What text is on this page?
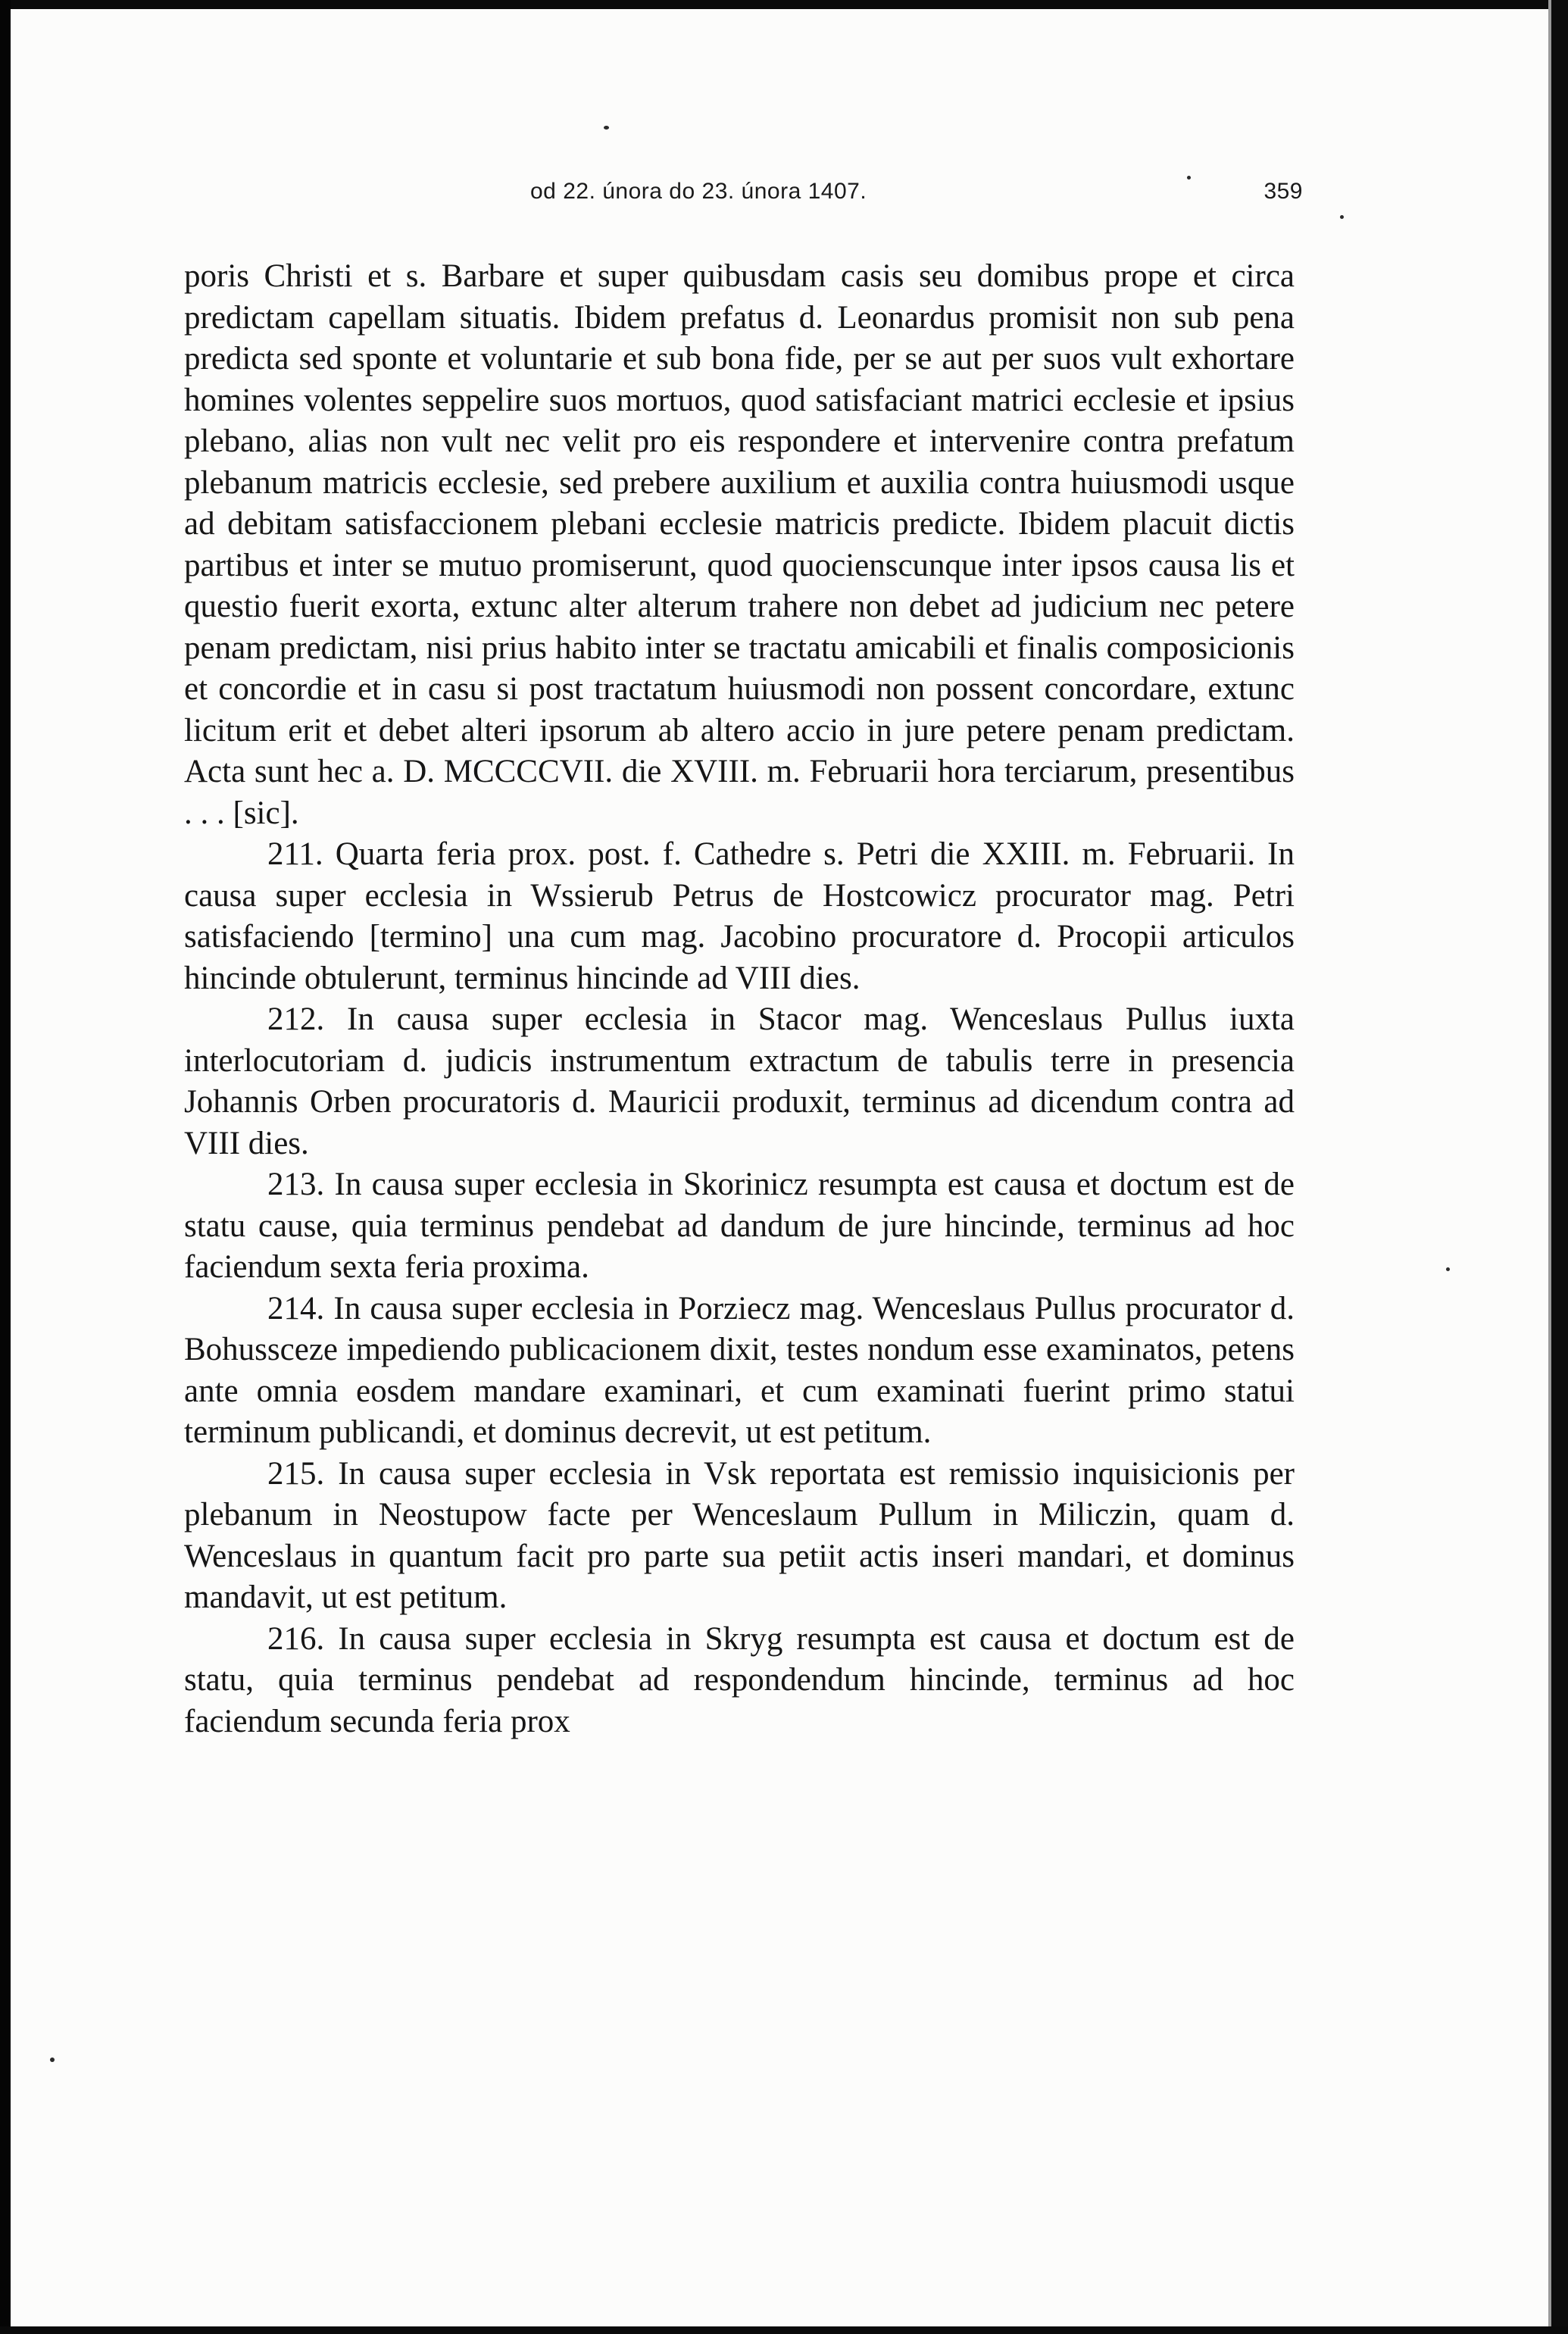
od 22. února do 23. února 1407.	359

poris Christi et s. Barbare et super quibusdam casis seu domibus prope et circa predictam capellam situatis. Ibidem prefatus d. Leonardus promisit non sub pena predicta sed sponte et voluntarie et sub bona fide, per se aut per suos vult exhortare homines volentes seppelire suos mortuos, quod satisfaciant matrici ecclesie et ipsius plebano, alias non vult nec velit pro eis respondere et intervenire contra prefatum plebanum matricis ecclesie, sed prebere auxilium et auxilia contra huiusmodi usque ad debitam satisfaccionem plebani ecclesie matricis predicte. Ibidem placuit dictis partibus et inter se mutuo promiserunt, quod quocienscunque inter ipsos causa lis et questio fuerit exorta, extunc alter alterum trahere non debet ad judicium nec petere penam predictam, nisi prius habito inter se tractatu amicabili et finalis composicionis et concordie et in casu si post tractatum huiusmodi non possent concordare, extunc licitum erit et debet alteri ipsorum ab altero accio in jure petere penam predictam. Acta sunt hec a. D. MCCCCVII. die XVIII. m. Februarii hora terciarum, presentibus . . . [sic].

211. Quarta feria prox. post. f. Cathedre s. Petri die XXIII. m. Februarii. In causa super ecclesia in Wssierub Petrus de Hostcowicz procurator mag. Petri satisfaciendo [termino] una cum mag. Jacobino procuratore d. Procopii articulos hincinde obtulerunt, terminus hincinde ad VIII dies.

212. In causa super ecclesia in Stacor mag. Wenceslaus Pullus iuxta interlocutoriam d. judicis instrumentum extractum de tabulis terre in presencia Johannis Orben procuratoris d. Mauricii produxit, terminus ad dicendum contra ad VIII dies.

213. In causa super ecclesia in Skorinicz resumpta est causa et doctum est de statu cause, quia terminus pendebat ad dandum de jure hincinde, terminus ad hoc faciendum sexta feria proxima.

214. In causa super ecclesia in Porziecz mag. Wenceslaus Pullus procurator d. Bohussceze impediendo publicacionem dixit, testes nondum esse examinatos, petens ante omnia eosdem mandare examinari, et cum examinati fuerint primo statui terminum publicandi, et dominus decrevit, ut est petitum.

215. In causa super ecclesia in Vsk reportata est remissio inquisicionis per plebanum in Neostupow facte per Wenceslaum Pullum in Miliczin, quam d. Wenceslaus in quantum facit pro parte sua petiit actis inseri mandari, et dominus mandavit, ut est petitum.

216. In causa super ecclesia in Skryg resumpta est causa et doctum est de statu, quia terminus pendebat ad respondendum hincinde, terminus ad hoc faciendum secunda feria prox
